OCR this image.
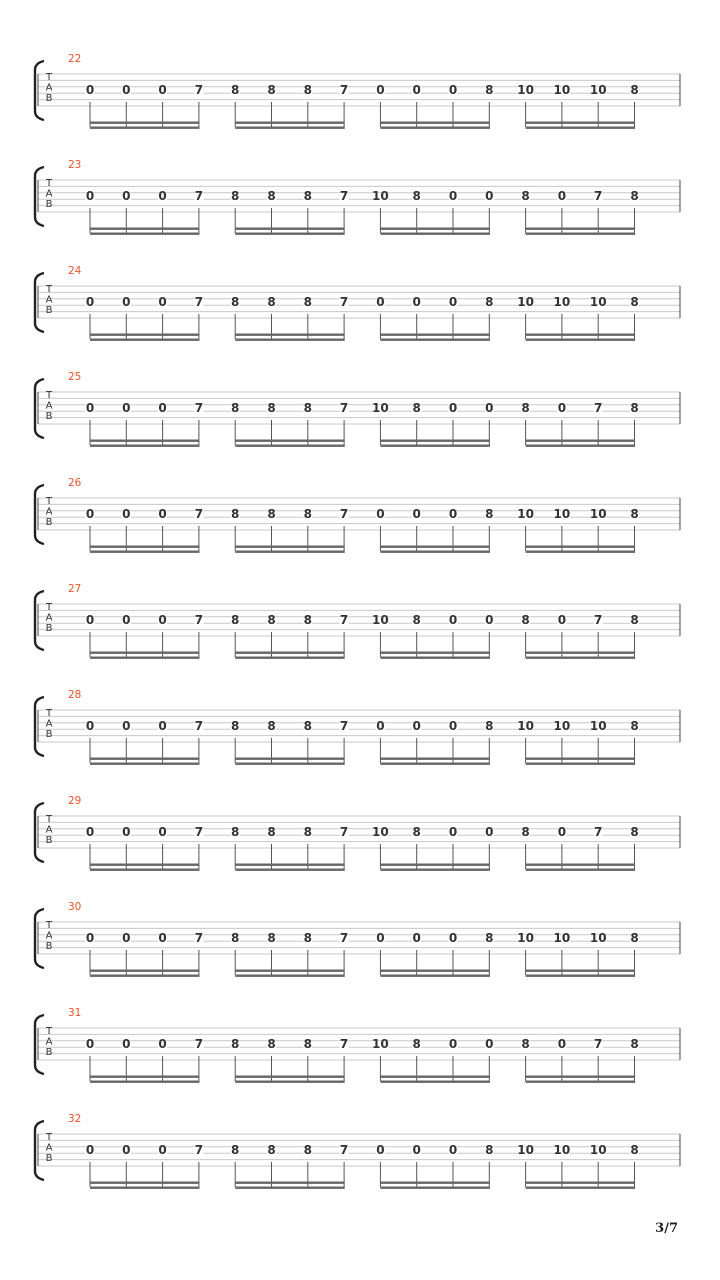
22
T
A
B
0 0 0 7 8 8 8 7 0 0 0 8 10 10 10 8
23
T
A
B
0 0 0 7 8 8 8 7 10 8 0 0 8 0 7 8
24
T
A
B
0 0 0 7 8 8 8 7 0 0 0 8 10 10 10 8
25
T
A
B
0 0 0 7 8 8 8 7 10 8 0 0 8 0 7 8
26
T
A
B
0 0 0 7 8 8 8 7 0 0 0 8 10 10 10 8
27
T
A
B
0 0 0 7 8 8 8 7 10 8 0 0 8 0 7 8
28
T
A
B
0 0 0 7 8 8 8 7 0 0 0 8 10 10 10 8
29
T
A
B
0 0 0 7 8 8 8 7 10 8 0 0 8 0 7 8
30
T
A
B
0 0 0 7 8 8 8 7 0 0 0 8 10 10 10 8
31
T
A
B
0 0 0 7 8 8 8 7 10 8 0 0 8 0 7 8
32
T
A
B
0 0 0 7 8 8 8 7 0 0 0 8 10 10 10 8
3/7
